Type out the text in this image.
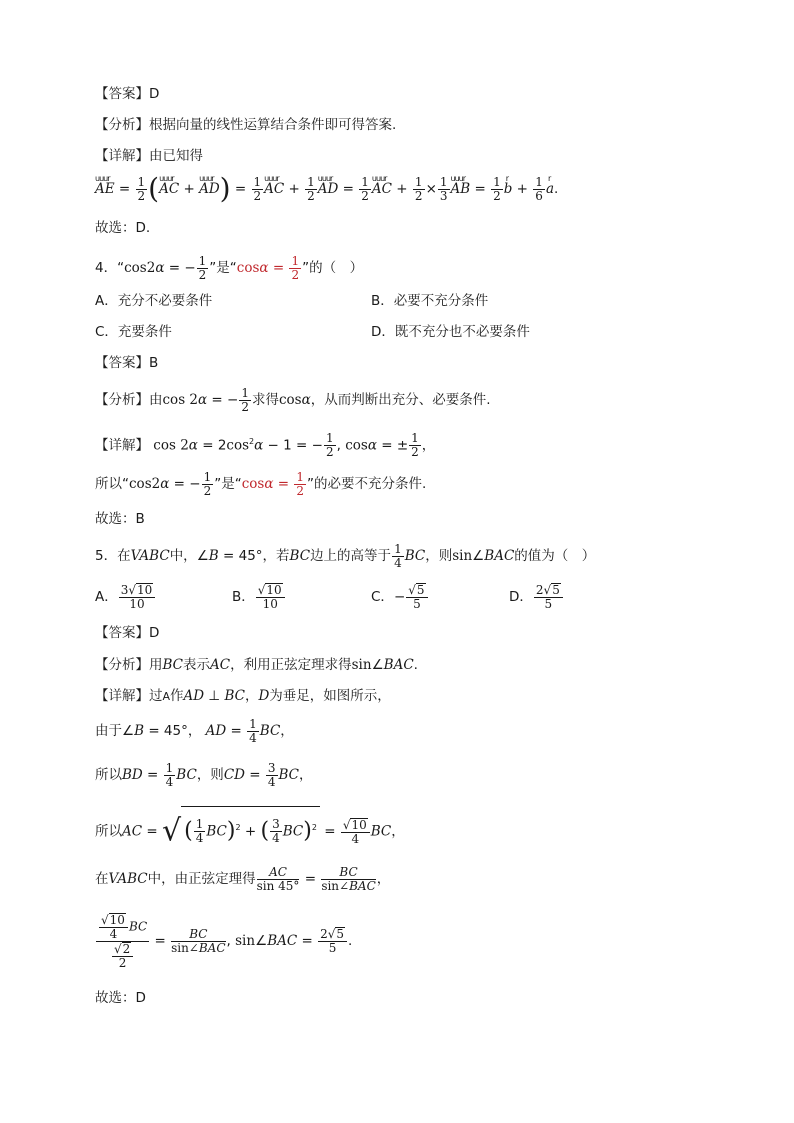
【答案】D
【分析】根据向量的线性运算结合条件即可得答案.
【详解】由已知得
uuur AE = $\frac{1}{2}$ (uuur AC + uuur $AD) = \frac{1}{2}$ uuur AC + $\frac{1}{2}$ uuur AD = $\frac{1}{2}$ uuur AC + $\frac{1}{2} \times \frac{1}{3}$ uuur AB = $\frac{1}{2}$ r $b + \frac{1}{6}$ r a.
故选：D.
4．“cos2α = − $\frac{1}{2}$ ”是“$\cos\alpha = \frac{1}{2}$ ”的（　）
A．充分不必要条件	B．必要不充分条件
C．充要条件	D．既不充分也不必要条件
【答案】B
【分析】由cos 2α = − $\frac{1}{2}$ 求得cosα，从而判断出充分、必要条件.
【详解】 $\cos 2\alpha = 2\cos^2\alpha - 1$ = − $\frac{1}{2}$ , cosα = ± $\frac{1}{2}$ ，
所以“cos2α = − $\frac{1}{2}$ ”是“$\cos\alpha = \frac{1}{2}$ ”的必要不充分条件.
故选：B
5．在VABC中，∠B = 45°，若BC边上的高等于 $\frac{1}{4}$ BC，则sin∠BAC的值为（　）
A． $\frac{3√10}{10}$	B． $\frac{√10}{10}$	C．− $\frac{√5}{5}$	D． $\frac{2√5}{5}$
【答案】D
【分析】用BC表示AC，利用正弦定理求得sin∠BAC.
【详解】过A作AD ⊥ BC，D为垂足，如图所示，
由于∠B = 45°， AD = $\frac{1}{4}$ BC，
所以BD = $\frac{1}{4}$ BC，则CD = $\frac{3}{4}$ BC，
所以AC = √ ( $\frac{1}{4} BC)^2$ + ( $\frac{3}{4} BC)^2 = \frac{√10}{4}$ BC，
在VABC中，由正弦定理得 $\frac{AC}{\sin 45^\circ} = \frac{BC}{\text{sin∠BAC}}$ ，
$\frac{\frac{√10}{4} BC}{\frac{√2}{2}} = \frac{BC}{\text{sin∠BAC}}$ , sin∠BAC = $\frac{2√5}{5}$ .
故选：D
